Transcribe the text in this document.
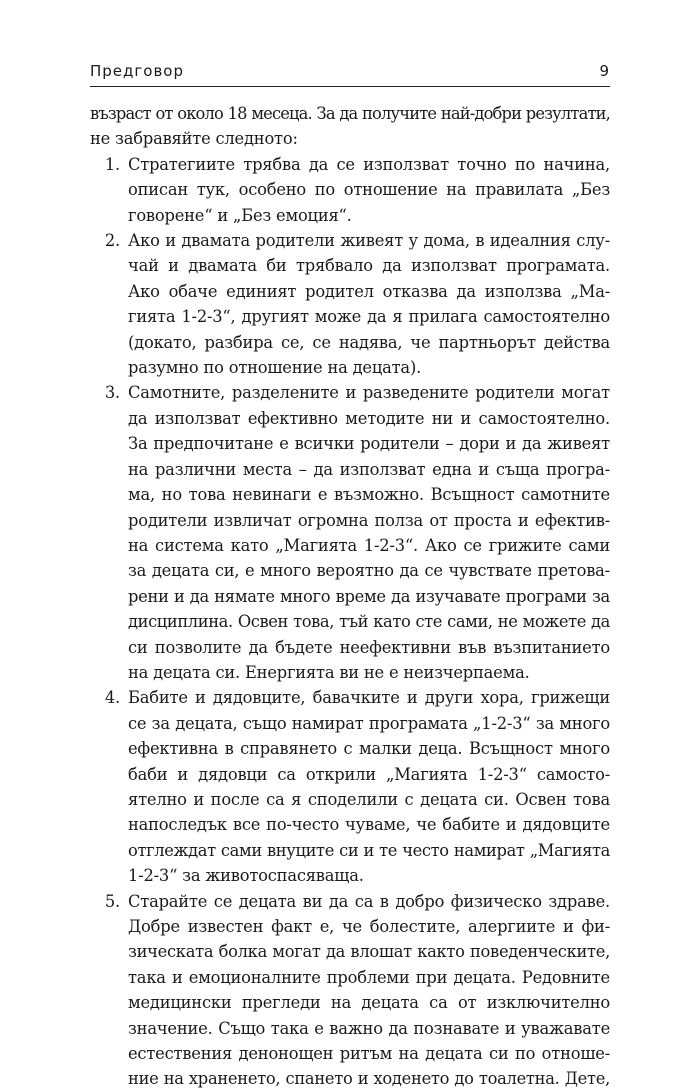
Предговор	9

възраст от около 18 месеца. За да получите най-добри резултати,
не забравяйте следното:

1. Стратегиите трябва да се използват точно по начина,
описан тук, особено по отношение на правилата „Без
говорене“ и „Без емоция“.
2. Ако и двамата родители живеят у дома, в идеалния слу-
чай и двамата би трябвало да използват програмата.
Ако обаче единият родител отказва да използва „Ма-
гията 1-2-3“, другият може да я прилага самостоятелно
(докато, разбира се, се надява, че партньорът действа
разумно по отношение на децата).
3. Самотните, разделените и разведените родители могат
да използват ефективно методите ни и самостоятелно.
За предпочитане е всички родители – дори и да живеят
на различни места – да използват една и съща програ-
ма, но това невинаги е възможно. Всъщност самотните
родители извличат огромна полза от проста и ефектив-
на система като „Магията 1-2-3“. Ако се грижите сами
за децата си, е много вероятно да се чувствате претова-
рени и да нямате много време да изучавате програми за
дисциплина. Освен това, тъй като сте сами, не можете да
си позволите да бъдете неефективни във възпитанието
на децата си. Енергията ви не е неизчерпаема.
4. Бабите и дядовците, бавачките и други хора, грижещи
се за децата, също намират програмата „1-2-3“ за много
ефективна в справянето с малки деца. Всъщност много
баби и дядовци са открили „Магията 1-2-3“ самосто-
ятелно и после са я споделили с децата си. Освен това
напоследък все по-често чуваме, че бабите и дядовците
отглеждат сами внуците си и те често намират „Магията
1-2-3“ за животоспасяваща.
5. Старайте се децата ви да са в добро физическо здраве.
Добре известен факт е, че болестите, алергиите и фи-
зическата болка могат да влошат както поведенческите,
така и емоционалните проблеми при децата. Редовните
медицински прегледи на децата са от изключително
значение. Също така е важно да познавате и уважавате
естествения денонощен ритъм на децата си по отноше-
ние на храненето, спането и ходенето до тоалетна. Дете,
